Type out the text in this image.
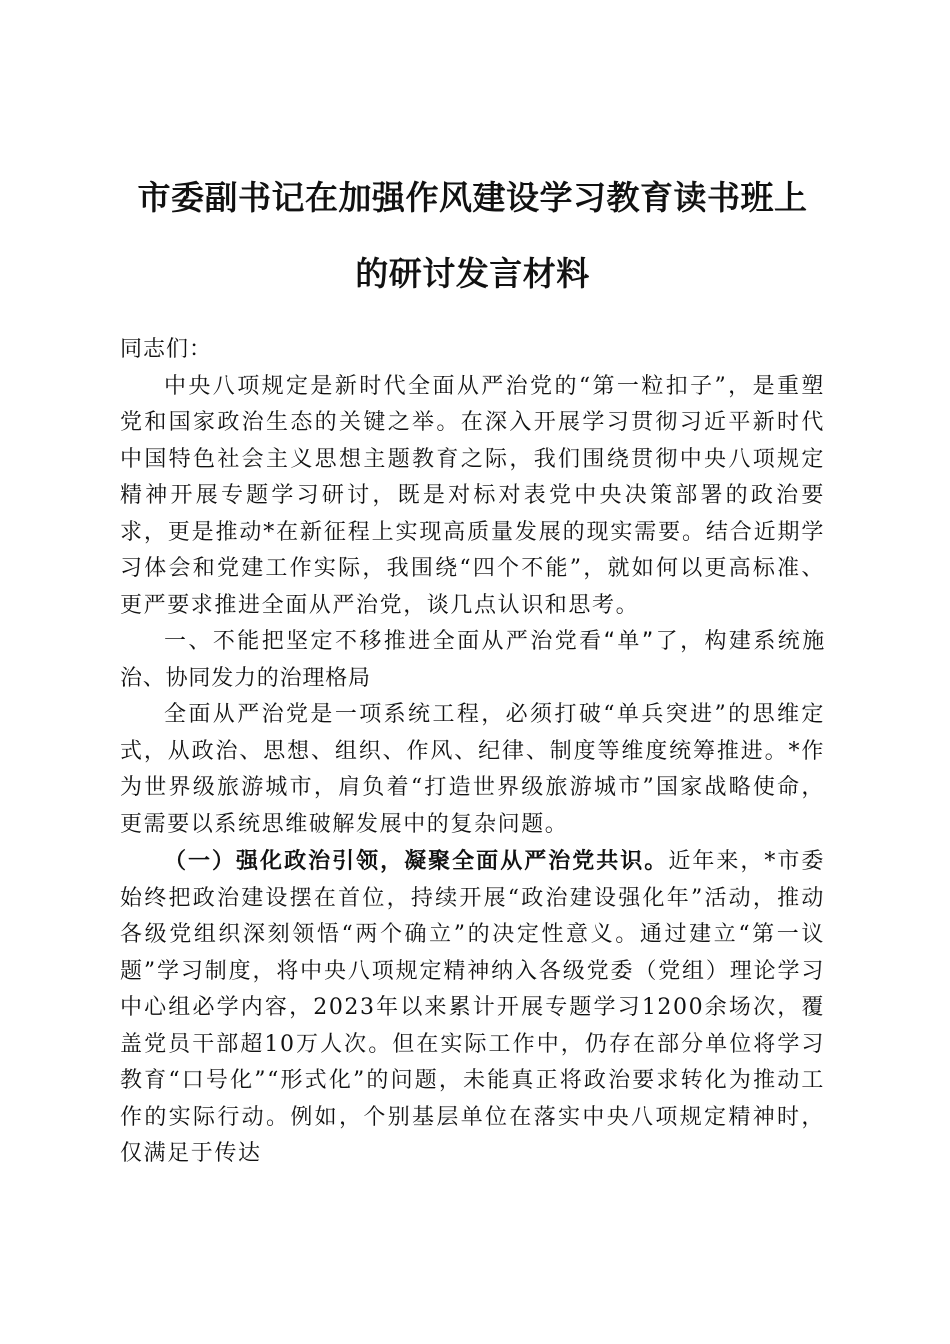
市委副书记在加强作风建设学习教育读书班上
的研讨发言材料

同志们：

中央八项规定是新时代全面从严治党的“第一粒扣子”，是重塑党和国家政治生态的关键之举。在深入开展学习贯彻习近平新时代中国特色社会主义思想主题教育之际，我们围绕贯彻中央八项规定精神开展专题学习研讨，既是对标对表党中央决策部署的政治要求，更是推动*在新征程上实现高质量发展的现实需要。结合近期学习体会和党建工作实际，我围绕“四个不能”，就如何以更高标准、更严要求推进全面从严治党，谈几点认识和思考。

一、不能把坚定不移推进全面从严治党看“单”了，构建系统施治、协同发力的治理格局

全面从严治党是一项系统工程，必须打破“单兵突进”的思维定式，从政治、思想、组织、作风、纪律、制度等维度统筹推进。*作为世界级旅游城市，肩负着“打造世界级旅游城市”国家战略使命，更需要以系统思维破解发展中的复杂问题。

（一）强化政治引领，凝聚全面从严治党共识。近年来，*市委始终把政治建设摆在首位，持续开展“政治建设强化年”活动，推动各级党组织深刻领悟“两个确立”的决定性意义。通过建立“第一议题”学习制度，将中央八项规定精神纳入各级党委（党组）理论学习中心组必学内容，2023年以来累计开展专题学习1200余场次，覆盖党员干部超10万人次。但在实际工作中，仍存在部分单位将学习教育“口号化”“形式化”的问题，未能真正将政治要求转化为推动工作的实际行动。例如，个别基层单位在落实中央八项规定精神时，仅满足于传达
